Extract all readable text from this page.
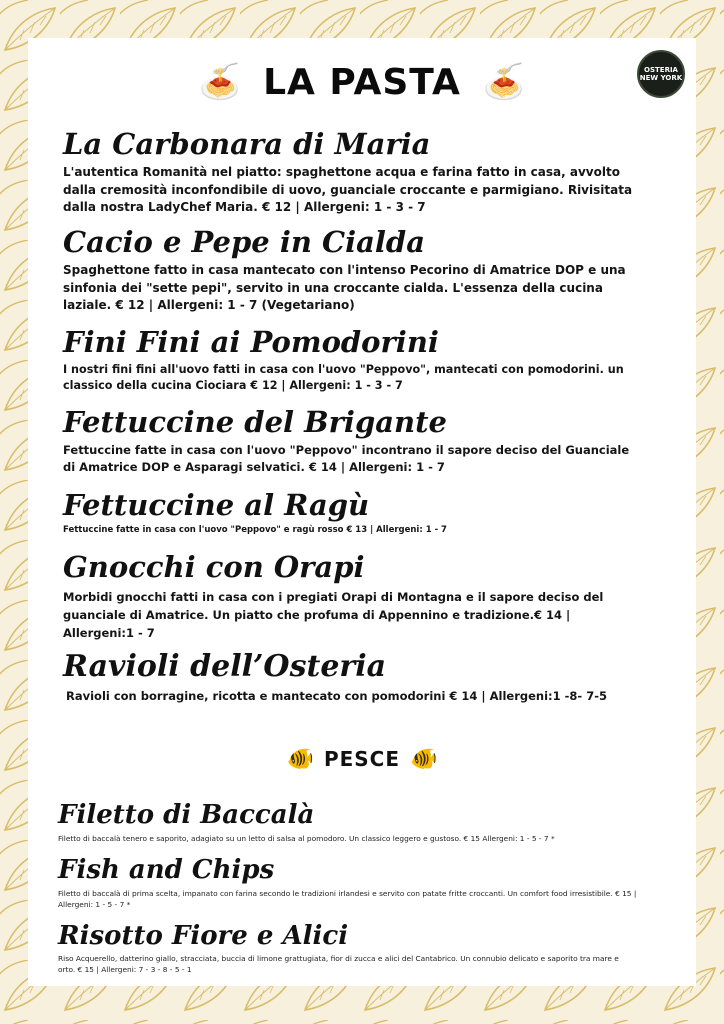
🍝 LA PASTA 🍝	OSTERIA
NEW YORK

La Carbonara di Maria

L'autentica Romanità nel piatto: spaghettone acqua e farina fatto in casa, avvolto dalla cremosità inconfondibile di uovo, guanciale croccante e parmigiano. Rivisitata dalla nostra LadyChef Maria. € 12 | Allergeni: 1 - 3 - 7

Cacio e Pepe in Cialda

Spaghettone fatto in casa mantecato con l'intenso Pecorino di Amatrice DOP e una sinfonia dei "sette pepi", servito in una croccante cialda. L'essenza della cucina laziale. € 12 | Allergeni: 1 - 7 (Vegetariano)

Fini Fini ai Pomodorini

I nostri fini fini all'uovo fatti in casa con l'uovo "Peppovo", mantecati con pomodorini. un classico della cucina Ciociara € 12 | Allergeni: 1 - 3 - 7

Fettuccine del Brigante

Fettuccine fatte in casa con l'uovo "Peppovo" incontrano il sapore deciso del Guanciale di Amatrice DOP e Asparagi selvatici. € 14 | Allergeni: 1 - 7

Fettuccine al Ragù

Fettuccine fatte in casa con l'uovo "Peppovo" e ragù rosso € 13 | Allergeni: 1 - 7

Gnocchi con Orapi

Morbidi gnocchi fatti in casa con i pregiati Orapi di Montagna e il sapore deciso del guanciale di Amatrice. Un piatto che profuma di Appennino e tradizione.€ 14 | Allergeni:1 - 7

Ravioli dell’Osteria

Ravioli con borragine, ricotta e mantecato con pomodorini € 14 | Allergeni:1 -8- 7-5

🐠 PESCE 🐠

Filetto di Baccalà

Filetto di baccalà tenero e saporito, adagiato su un letto di salsa al pomodoro. Un classico leggero e gustoso. € 15 Allergeni: 1 - 5 - 7 *

Fish and Chips

Filetto di baccalà di prima scelta, impanato con farina secondo le tradizioni irlandesi e servito con patate fritte croccanti. Un comfort food irresistibile. € 15 | Allergeni: 1 - 5 - 7 *

Risotto Fiore e Alici

Riso Acquerello, datterino giallo, stracciata, buccia di limone grattugiata, fior di zucca e alici del Cantabrico. Un connubio delicato e saporito tra mare e orto. € 15 | Allergeni: 7 - 3 - 8 - 5 - 1
